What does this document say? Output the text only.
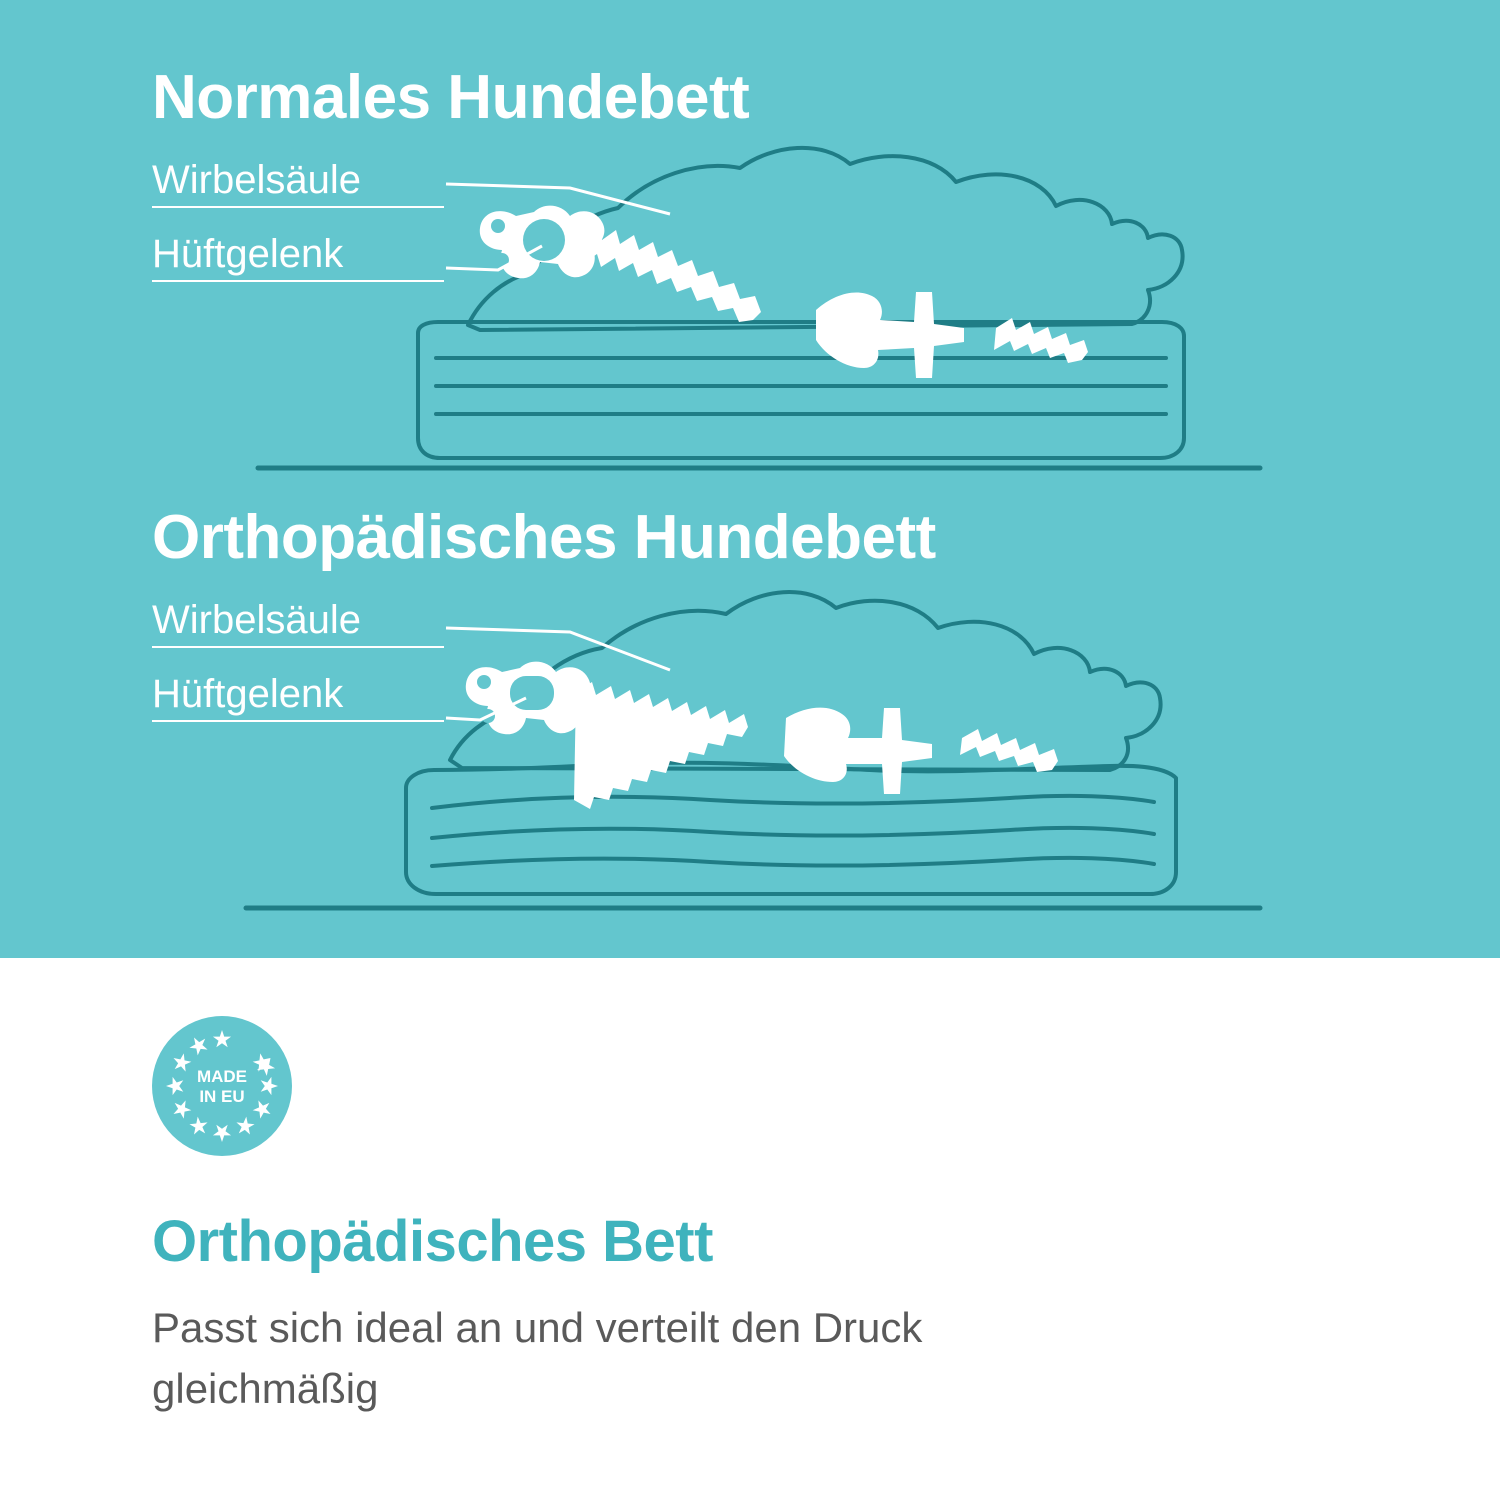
Normales Hundebett
Wirbelsäule
Hüftgelenk
Orthopädisches Hundebett
Wirbelsäule
Hüftgelenk
MADE
IN EU
Orthopädisches Bett

Passt sich ideal an und verteilt den Druck gleichmäßig
